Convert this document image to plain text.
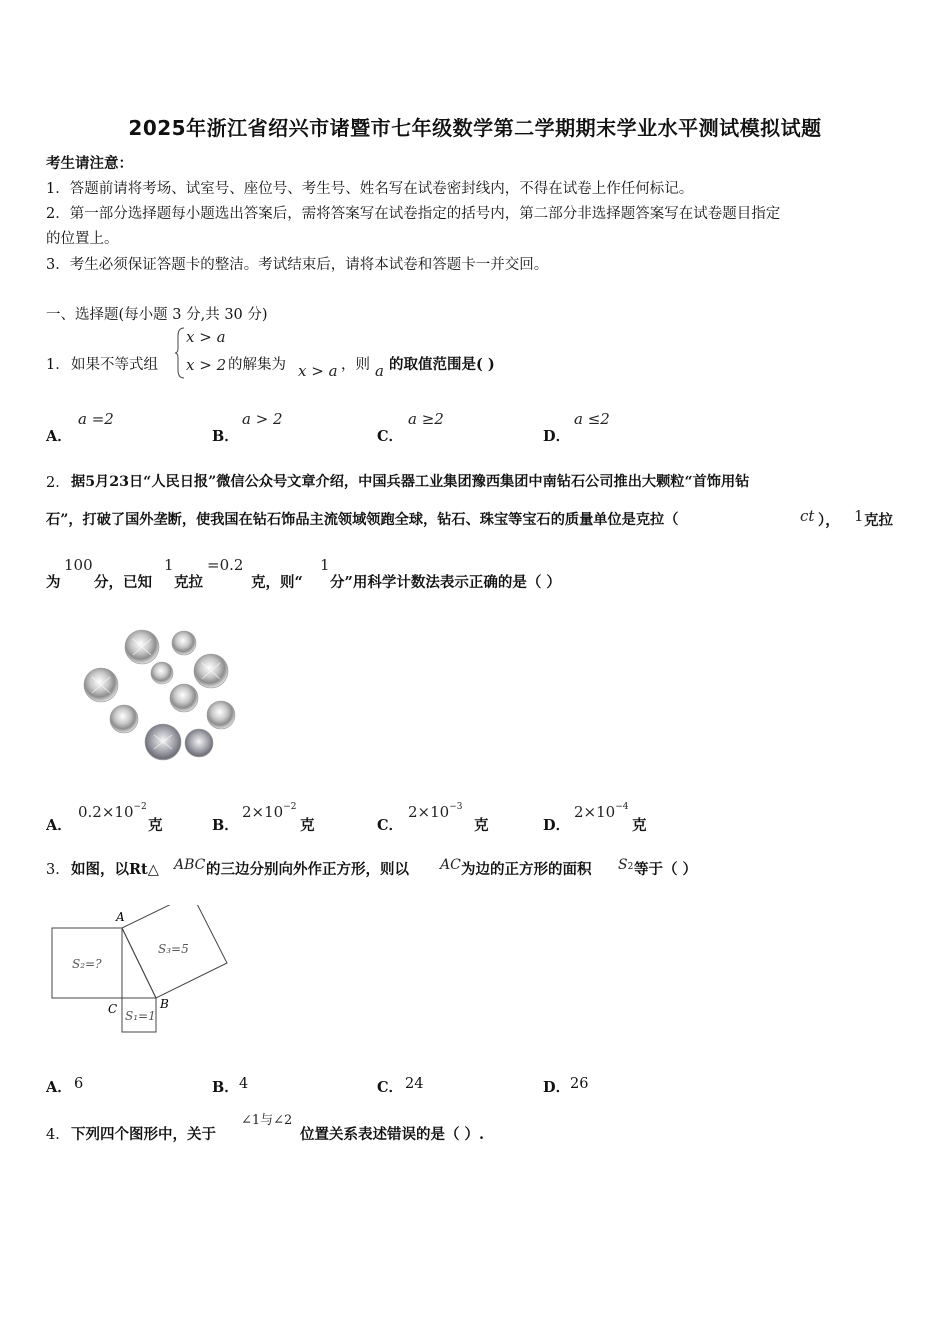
2025年浙江省绍兴市诸暨市七年级数学第二学期期末学业水平测试模拟试题
考生请注意：
1．答题前请将考场、试室号、座位号、考生号、姓名写在试卷密封线内，不得在试卷上作任何标记。
2．第一部分选择题每小题选出答案后，需将答案写在试卷指定的括号内，第二部分非选择题答案写在试卷题目指定
的位置上。
3．考生必须保证答题卡的整洁。考试结束后，请将本试卷和答题卡一并交回。
一、选择题(每小题 3 分,共 30 分)
1． 如果不等式组
x > a
x > 2 的解集为 x > a ，则 a 的取值范围是( )
A．
a =2
B．
a > 2
C．
a ≥2
D．
a ≤2
2． 据5月23日“人民日报”微信公众号文章介绍，中国兵器工业集团豫西集团中南钻石公司推出大颗粒“首饰用钻
石”，打破了国外垄断，使我国在钻石饰品主流领域领跑全球，钻石、珠宝等宝石的质量单位是克拉（	ct ）， 1 克拉
为
100
分，已知
1
克拉
=0.2
克，则“
1
分”用科学计数法表示正确的是（ ）
A．
$0.2\times 10^{-2}$
克	B．
$2\times 10^{-2}$
克	C．
$2\times 10^{-3}$
克	D．
$2\times 10^{-4}$
克
3． 如图，以Rt△ ABC 的三边分别向外作正方形，则以 AC 为边的正方形的面积 S2 等于（ ）
A
B
C
S₂=?
S₃=5
S₁=1
A． 6	B． 4	C． 24	D． 26
4． 下列四个图形中，关于
∠1与∠2
位置关系表述错误的是（ ）.
